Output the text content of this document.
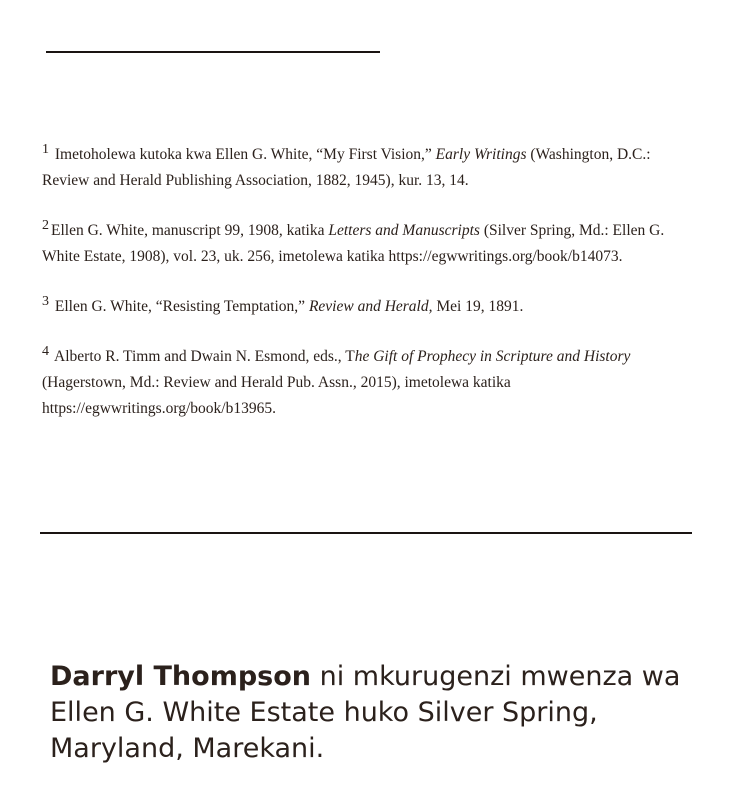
$^1$ Imetoholewa kutoka kwa Ellen G. White, “My First Vision,” Early Writings (Washington, D.C.: Review and Herald Publishing Association, 1882, 1945), kur. 13, 14.

$^2$ Ellen G. White, manuscript 99, 1908, katika Letters and Manuscripts (Silver Spring, Md.: Ellen G. White Estate, 1908), vol. 23, uk. 256, imetolewa katika https://egwwritings.org/book/b14073.

$^3$ Ellen G. White, “Resisting Temptation,” Review and Herald, Mei 19, 1891.

$^4$ Alberto R. Timm and Dwain N. Esmond, eds., The Gift of Prophecy in Scripture and History (Hagerstown, Md.: Review and Herald Pub. Assn., 2015), imetolewa katika https://egwwritings.org/book/b13965.

Darryl Thompson ni mkurugenzi mwenza wa Ellen G. White Estate huko Silver Spring, Maryland, Marekani.
